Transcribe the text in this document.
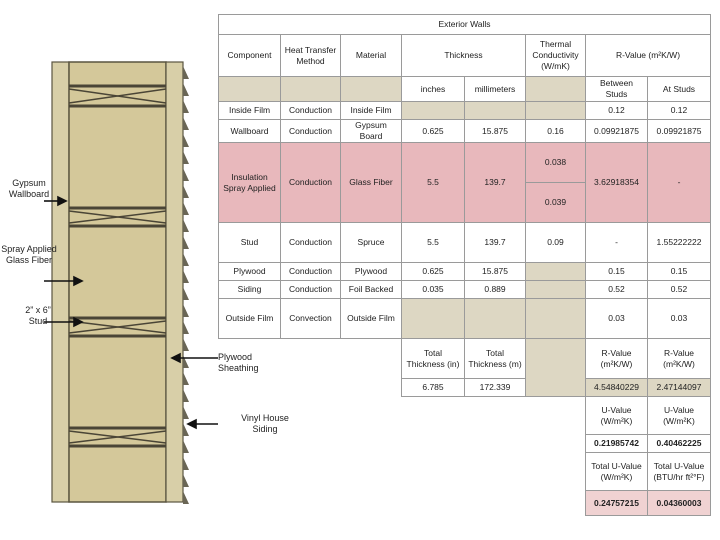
Gypsum Wallboard
Spray Applied Glass Fiber
2” x 6” Stud
Plywood Sheathing
Vinyl House Siding
Exterior Walls							
Component	Heat Transfer Method	Material	Thickness		Thermal Conductivity (W/mK)	R-Value (m²K/W)	
			inches	millimeters		Between Studs	At Studs
Inside Film	Conduction	Inside Film				0.12	0.12
Wallboard	Conduction	Gypsum Board	0.625	15.875	0.16	0.09921875	0.09921875
Insulation Spray Applied	Conduction	Glass Fiber	5.5	139.7	0.038	3.62918354	-
					0.039		
Stud	Conduction	Spruce	5.5	139.7	0.09	-	1.55222222
Plywood	Conduction	Plywood	0.625	15.875		0.15	0.15
Siding	Conduction	Foil Backed	0.035	0.889		0.52	0.52
Outside Film	Convection	Outside Film				0.03	0.03
			Total Thickness (in)	Total Thickness (m)		R-Value (m²K/W)	R-Value (m²K/W)
			6.785	172.339		4.54840229	2.47144097
						U-Value (W/m²K)	U-Value (W/m²K)
						0.21985742	0.40462225
						Total U-Value (W/m²K)	Total U-Value (BTU/hr ft²°F)
						0.24757215	0.04360003
